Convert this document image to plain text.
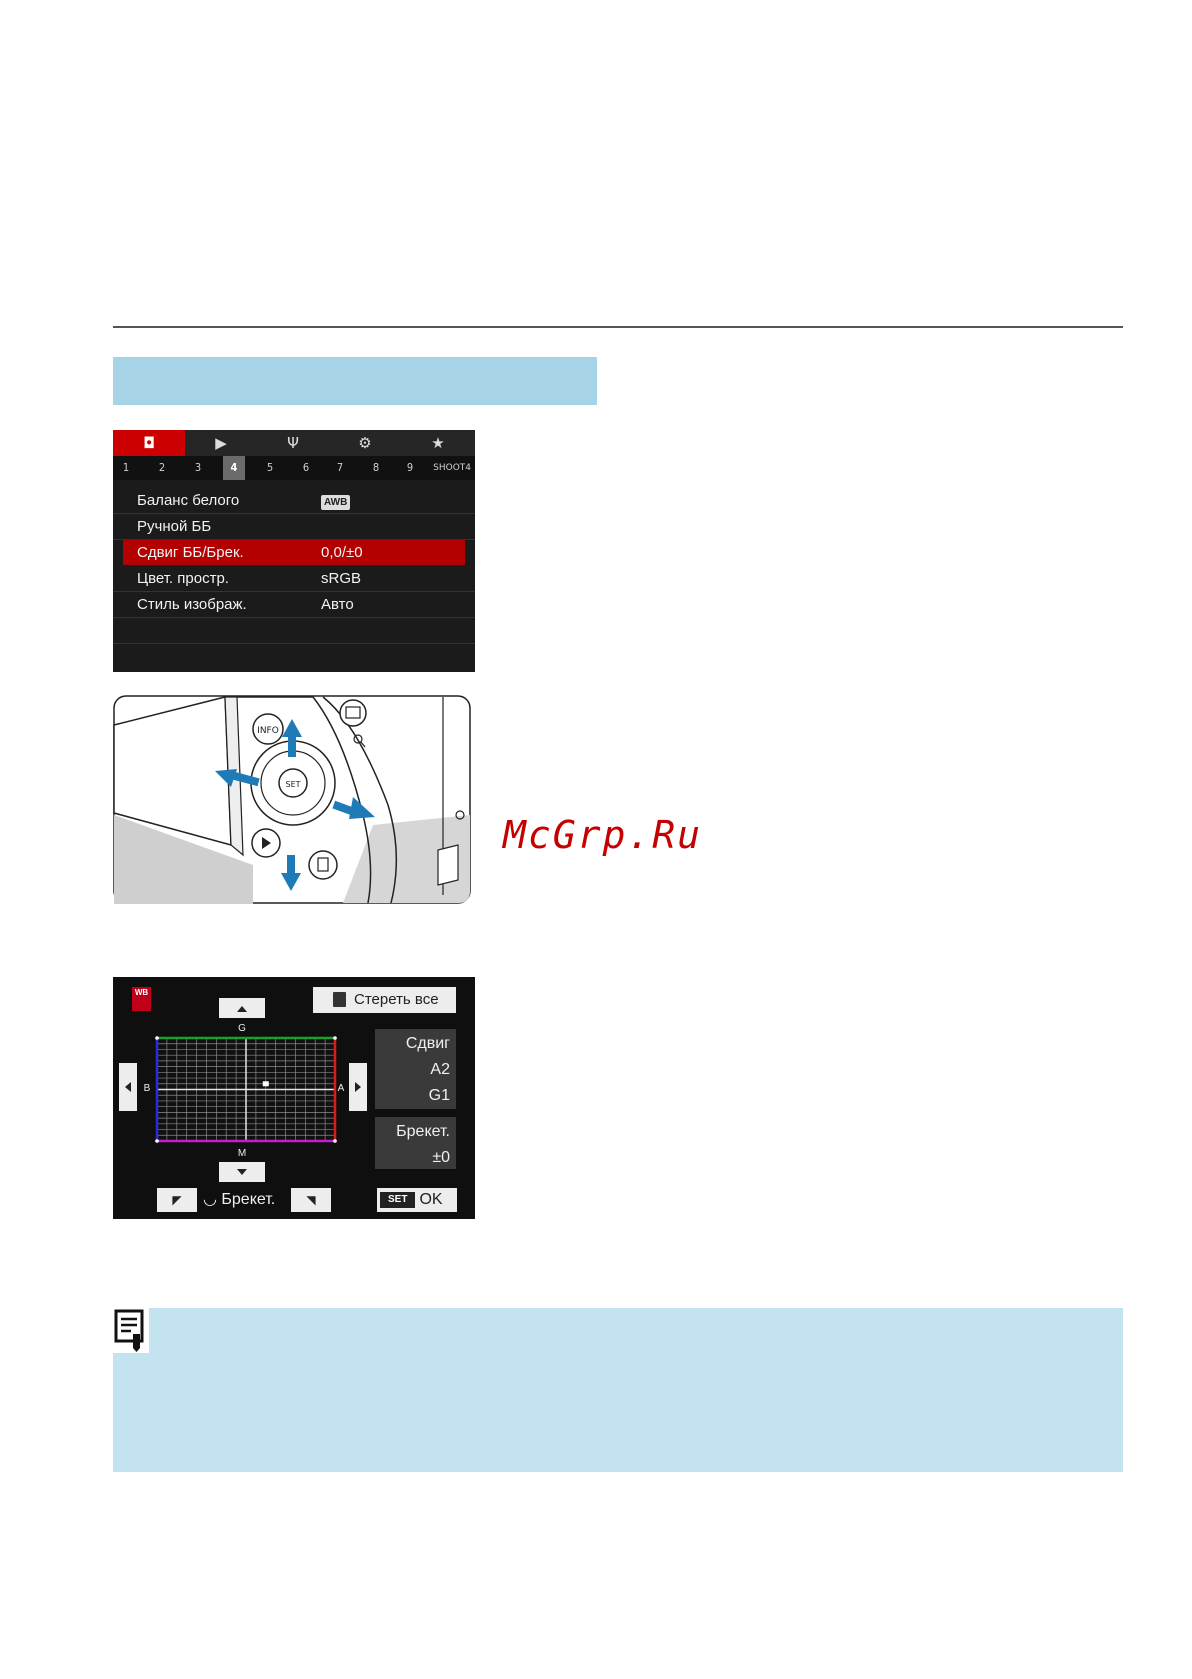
◘	▶	Ψ	⚙	★
1	2	3	4	5	6	7	8	9	SHOOT4
Баланс белого	AWB
Ручной ББ
Сдвиг ББ/Брек.	0,0/±0
Цвет. простр.	sRGB
Стиль изображ.	Авто
INFO
SET
McGrp.Ru
WB	Стереть все
G
M
B	A
Сдвиг
A2
G1
Брекет.
±0
◤	◡ Брекет.	◥	SET OK
